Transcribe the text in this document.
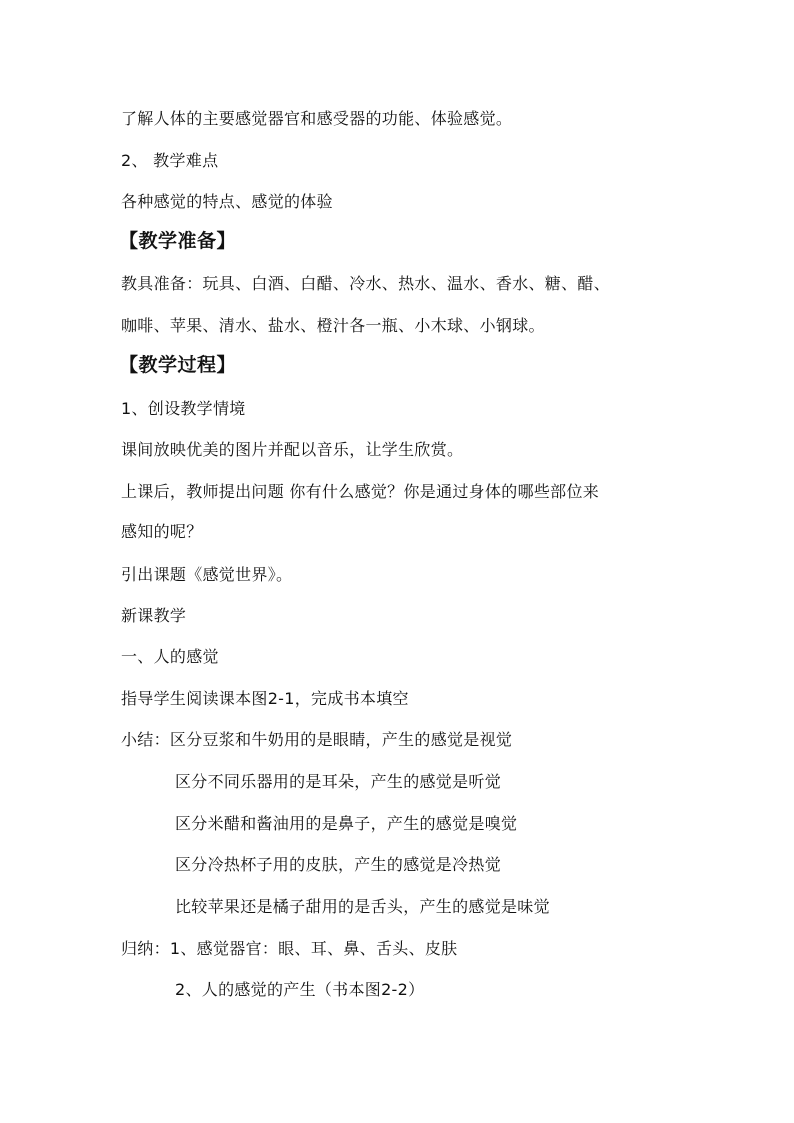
了解人体的主要感觉器官和感受器的功能、体验感觉。
2、 教学难点
各种感觉的特点、感觉的体验
【教学准备】
教具准备：玩具、白酒、白醋、冷水、热水、温水、香水、糖、醋、
咖啡、苹果、清水、盐水、橙汁各一瓶、小木球、小钢球。
【教学过程】
1、创设教学情境
课间放映优美的图片并配以音乐，让学生欣赏。
上课后，教师提出问题 你有什么感觉？你是通过身体的哪些部位来
感知的呢？
引出课题《感觉世界》。
新课教学
一、人的感觉
指导学生阅读课本图2-1，完成书本填空
小结：区分豆浆和牛奶用的是眼睛，产生的感觉是视觉
区分不同乐器用的是耳朵，产生的感觉是听觉
区分米醋和酱油用的是鼻子，产生的感觉是嗅觉
区分冷热杯子用的皮肤，产生的感觉是冷热觉
比较苹果还是橘子甜用的是舌头，产生的感觉是味觉
归纳：1、感觉器官：眼、耳、鼻、舌头、皮肤
2、人的感觉的产生（书本图2-2）
